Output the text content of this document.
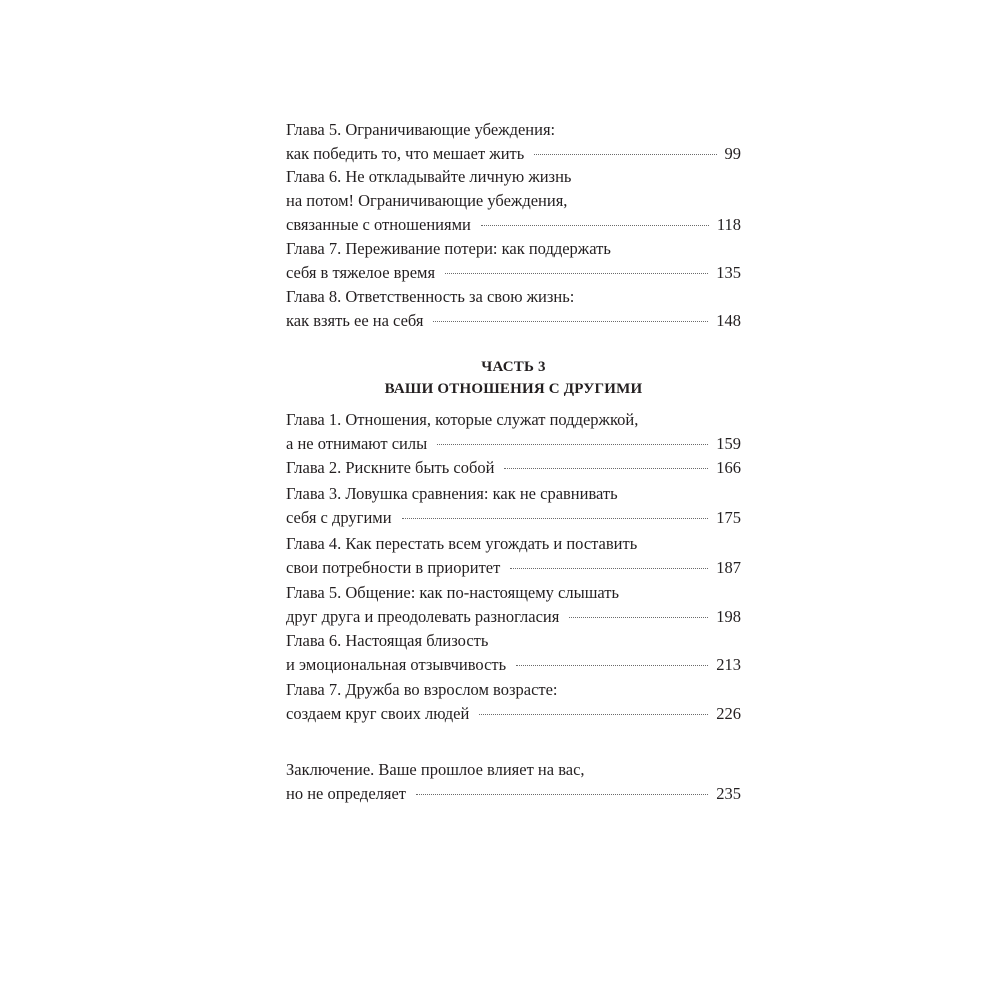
Глава 5. Ограничивающие убеждения:
как победить то, что мешает жить	99
Глава 6. Не откладывайте личную жизнь
на потом! Ограничивающие убеждения,
связанные с отношениями	118
Глава 7. Переживание потери: как поддержать
себя в тяжелое время	135
Глава 8. Ответственность за свою жизнь:
как взять ее на себя	148
ЧАСТЬ 3
ВАШИ ОТНОШЕНИЯ С ДРУГИМИ
Глава 1. Отношения, которые служат поддержкой,
а не отнимают силы	159
Глава 2. Рискните быть собой	166
Глава 3. Ловушка сравнения: как не сравнивать
себя с другими	175
Глава 4. Как перестать всем угождать и поставить
свои потребности в приоритет	187
Глава 5. Общение: как по-настоящему слышать
друг друга и преодолевать разногласия	198
Глава 6. Настоящая близость
и эмоциональная отзывчивость	213
Глава 7. Дружба во взрослом возрасте:
создаем круг своих людей	226
Заключение. Ваше прошлое влияет на вас,
но не определяет	235
